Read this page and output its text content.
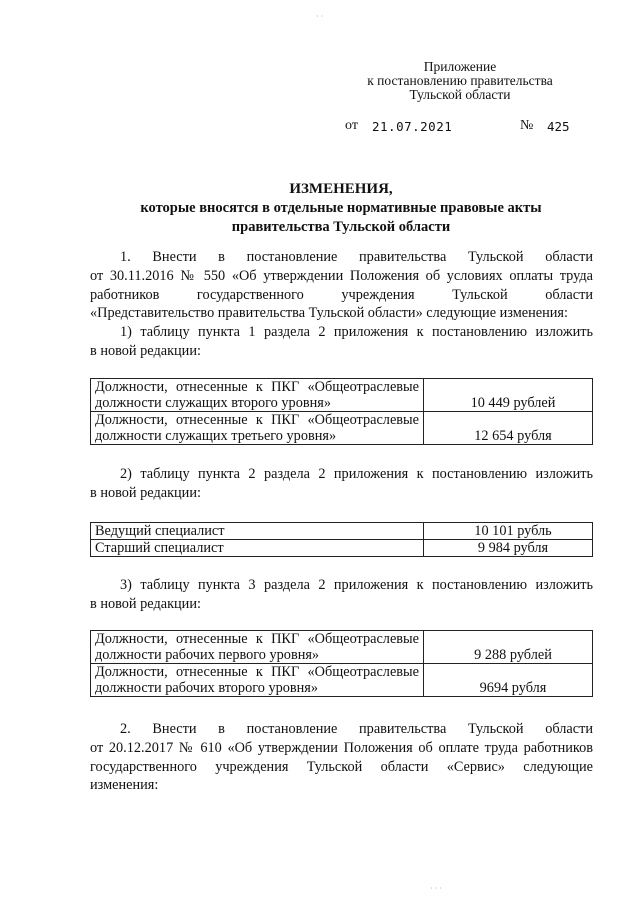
· ·
Приложение
к постановлению правительства
Тульской области
от 21.07.2021	№ 425
ИЗМЕНЕНИЯ,
которые вносятся в отдельные нормативные правовые акты
правительства Тульской области
1. Внести в постановление правительства Тульской области
от 30.11.2016 № 550 «Об утверждении Положения об условиях оплаты труда
работников государственного учреждения Тульской области
«Представительство правительства Тульской области» следующие изменения:
1) таблицу пункта 1 раздела 2 приложения к постановлению изложить
в новой редакции:
Должности, отнесенные к ПКГ «Общеотраслевые
должности служащих второго уровня»	10 449 рублей

Должности, отнесенные к ПКГ «Общеотраслевые
должности служащих третьего уровня»	12 654 рубля
2) таблицу пункта 2 раздела 2 приложения к постановлению изложить
в новой редакции:
Ведущий специалист	10 101 рубль
Старший специалист	9 984 рубля
3) таблицу пункта 3 раздела 2 приложения к постановлению изложить
в новой редакции:
Должности, отнесенные к ПКГ «Общеотраслевые
должности рабочих первого уровня»	9 288 рублей

Должности, отнесенные к ПКГ «Общеотраслевые
должности рабочих второго уровня»	9694 рубля
2. Внести в постановление правительства Тульской области
от 20.12.2017 № 610 «Об утверждении Положения об оплате труда работников
государственного учреждения Тульской области «Сервис» следующие
изменения:
· · ·
